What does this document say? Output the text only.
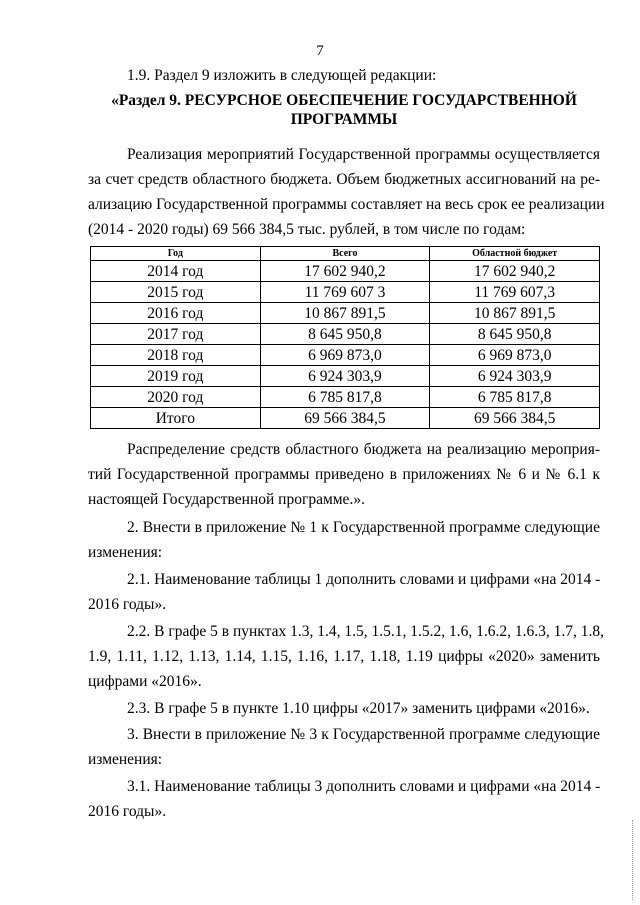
7
1.9. Раздел 9 изложить в следующей редакции:
«Раздел 9. РЕСУРСНОЕ ОБЕСПЕЧЕНИЕ ГОСУДАРСТВЕННОЙ ПРОГРАММЫ
Реализация мероприятий Государственной программы осуществляется
за счет средств областного бюджета. Объем бюджетных ассигнований на ре-
ализацию Государственной программы составляет на весь срок ее реализации
(2014 - 2020 годы) 69 566 384,5 тыс. рублей, в том числе по годам:
Год	Всего	Областной бюджет
2014 год	17 602 940,2	17 602 940,2
2015 год	11 769 607 3	11 769 607,3
2016 год	10 867 891,5	10 867 891,5
2017 год	8 645 950,8	8 645 950,8
2018 год	6 969 873,0	6 969 873,0
2019 год	6 924 303,9	6 924 303,9
2020 год	6 785 817,8	6 785 817,8
Итого	69 566 384,5	69 566 384,5
Распределение средств областного бюджета на реализацию мероприя-
тий Государственной программы приведено в приложениях № 6 и № 6.1 к
настоящей Государственной программе.».
2. Внести в приложение № 1 к Государственной программе следующие
изменения:
2.1. Наименование таблицы 1 дополнить словами и цифрами «на 2014 -
2016 годы».
2.2. В графе 5 в пунктах 1.3, 1.4, 1.5, 1.5.1, 1.5.2, 1.6, 1.6.2, 1.6.3, 1.7, 1.8,
1.9, 1.11, 1.12, 1.13, 1.14, 1.15, 1.16, 1.17, 1.18, 1.19 цифры «2020» заменить
цифрами «2016».
2.3. В графе 5 в пункте 1.10 цифры «2017» заменить цифрами «2016».
3. Внести в приложение № 3 к Государственной программе следующие
изменения:
3.1. Наименование таблицы 3 дополнить словами и цифрами «на 2014 -
2016 годы».
